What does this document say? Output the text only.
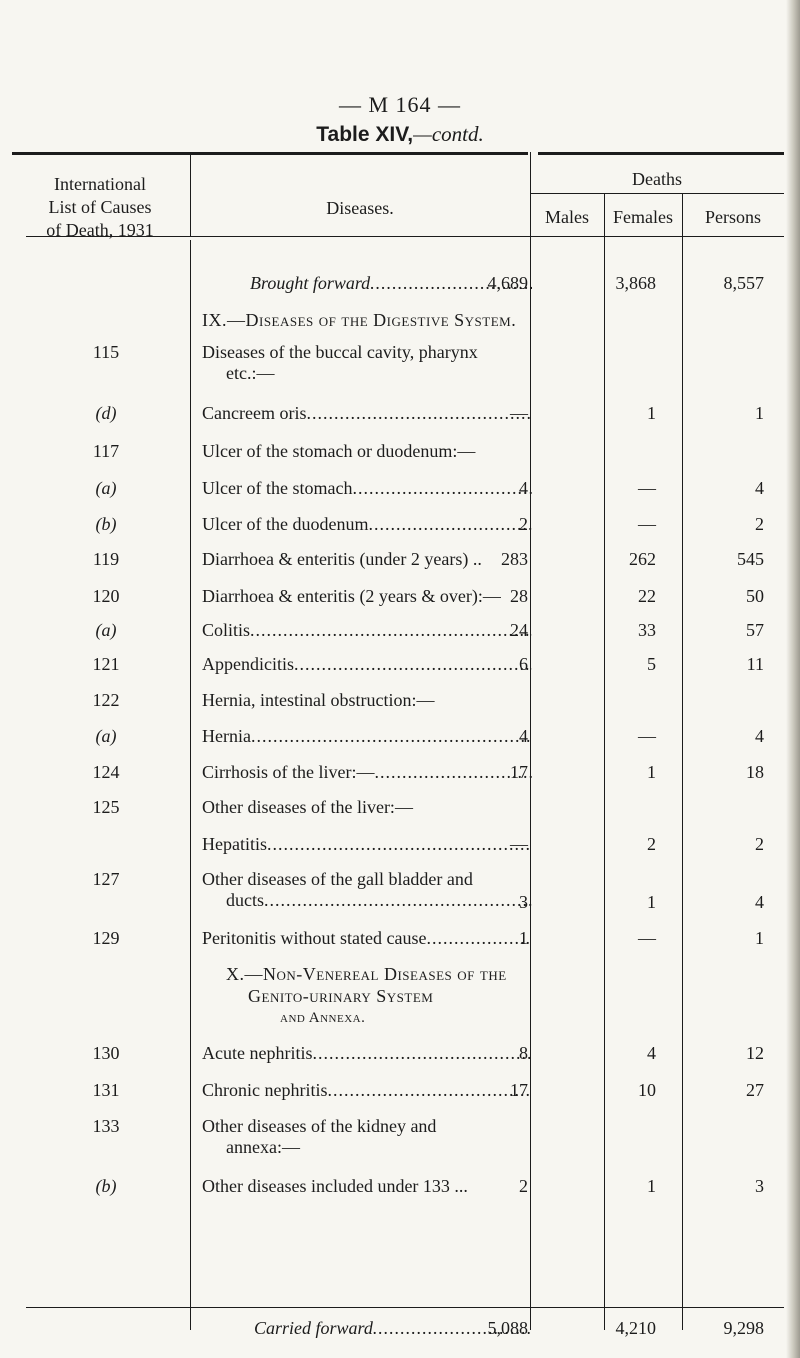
— M 164 —
Table XIV,—contd.
International
List of Causes
of Death, 1931
Diseases.
Deaths
Males	Females	Persons
Brought forward .....	4,689	3,868	8,557
IX.—Diseases of the Digestive System.
115	Diseases of the buccal cavity, pharynx
etc.:—
(d)	Cancreem oris .....	—	1	1
117	Ulcer of the stomach or duodenum:—
(a)	Ulcer of the stomach .....	4	—	4
(b)	Ulcer of the duodenum .....	2	—	2
119	Diarrhoea & enteritis (under 2 years) ..	283	262	545
120	Diarrhoea & enteritis (2 years & over):— 28	22	50
(a)	Colitis .....	24	33	57
121	Appendicitis .....	6	5	11
122	Hernia, intestinal obstruction:—
(a)	Hernia .....	4	—	4
124	Cirrhosis of the liver:— .....	17	1	18
125	Other diseases of the liver:—
Hepatitis .....	—	2	2
127	Other diseases of the gall bladder and
ducts .....	3	1	4
129	Peritonitis without stated cause .....	1	—	1
X.—Non-Venereal Diseases of the
Genito-urinary System
and Annexa.
130	Acute nephritis .....	8	4	12
131	Chronic nephritis .....	17	10	27
133	Other diseases of the kidney and
annexa:—
(b)	Other diseases included under 133 ...	2	1	3
Carried forward .....	5,088	4,210	9,298
